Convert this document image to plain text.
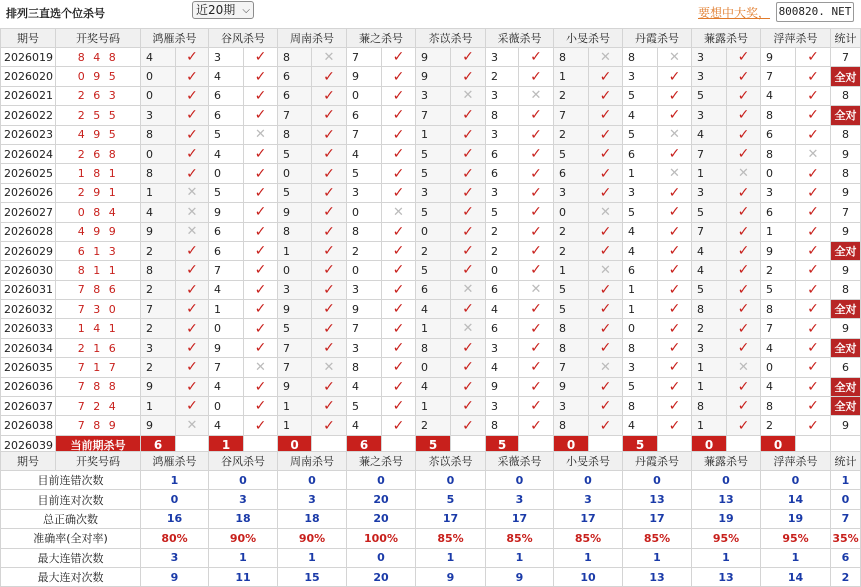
排列三直选个位杀号	近20期 ⌵	要想中大奖， 800820. NET
期号	开奖号码	鸿雁杀号		谷风杀号		周南杀号		蒹之杀号		苶苡杀号		采薇杀号		小旻杀号		丹霞杀号		蒹露杀号		浮萍杀号		统计
2026019	8 4 8	4	✓	3	✓	8	✕	7	✓	9	✓	3	✓	8	✕	8	✕	3	✓	9	✓	7
2026020	0 9 5	0	✓	4	✓	6	✓	9	✓	9	✓	2	✓	1	✓	3	✓	3	✓	7	✓	全对
2026021	2 6 3	0	✓	6	✓	6	✓	0	✓	3	✕	3	✕	2	✓	5	✓	5	✓	4	✓	8
2026022	2 5 5	3	✓	6	✓	7	✓	6	✓	7	✓	8	✓	7	✓	4	✓	3	✓	8	✓	全对
2026023	4 9 5	8	✓	5	✕	8	✓	7	✓	1	✓	3	✓	2	✓	5	✕	4	✓	6	✓	8
2026024	2 6 8	0	✓	4	✓	5	✓	4	✓	5	✓	6	✓	5	✓	6	✓	7	✓	8	✕	9
2026025	1 8 1	8	✓	0	✓	0	✓	5	✓	5	✓	6	✓	6	✓	1	✕	1	✕	0	✓	8
2026026	2 9 1	1	✕	5	✓	5	✓	3	✓	3	✓	3	✓	3	✓	3	✓	3	✓	3	✓	9
2026027	0 8 4	4	✕	9	✓	9	✓	0	✕	5	✓	5	✓	0	✕	5	✓	5	✓	6	✓	7
2026028	4 9 9	9	✕	6	✓	8	✓	8	✓	0	✓	2	✓	2	✓	4	✓	7	✓	1	✓	9
2026029	6 1 3	2	✓	6	✓	1	✓	2	✓	2	✓	2	✓	2	✓	4	✓	4	✓	9	✓	全对
2026030	8 1 1	8	✓	7	✓	0	✓	0	✓	5	✓	0	✓	1	✕	6	✓	4	✓	2	✓	9
2026031	7 8 6	2	✓	4	✓	3	✓	3	✓	6	✕	6	✕	5	✓	1	✓	5	✓	5	✓	8
2026032	7 3 0	7	✓	1	✓	9	✓	9	✓	4	✓	4	✓	5	✓	1	✓	8	✓	8	✓	全对
2026033	1 4 1	2	✓	0	✓	5	✓	7	✓	1	✕	6	✓	8	✓	0	✓	2	✓	7	✓	9
2026034	2 1 6	3	✓	9	✓	7	✓	3	✓	8	✓	3	✓	8	✓	8	✓	3	✓	4	✓	全对
2026035	7 1 7	2	✓	7	✕	7	✕	8	✓	0	✓	4	✓	7	✕	3	✓	1	✕	0	✓	6
2026036	7 8 8	9	✓	4	✓	9	✓	4	✓	4	✓	9	✓	9	✓	5	✓	1	✓	4	✓	全对
2026037	7 2 4	1	✓	0	✓	1	✓	5	✓	1	✓	3	✓	3	✓	8	✓	8	✓	8	✓	全对
2026038	7 8 9	9	✕	4	✓	1	✓	4	✓	2	✓	8	✓	8	✓	4	✓	1	✓	2	✓	9
2026039	当前期杀号	6		1		0		6		5		5		0		5		0		0		
期号	开奖号码	鸿雁杀号	谷风杀号	周南杀号	蒹之杀号	苶苡杀号	采薇杀号	小旻杀号	丹霞杀号	蒹露杀号	浮萍杀号	统计
目前连错次数		1	0	0	0	0	0	0	0	0	0	1
目前连对次数		0	3	3	20	5	3	3	13	13	14	0
总正确次数		16	18	18	20	17	17	17	17	19	19	7
准确率(全对率)		80%	90%	90%	100%	85%	85%	85%	85%	95%	95%	35%
最大连错次数		3	1	1	0	1	1	1	1	1	1	6
最大连对次数		9	11	15	20	9	9	10	13	13	14	2
